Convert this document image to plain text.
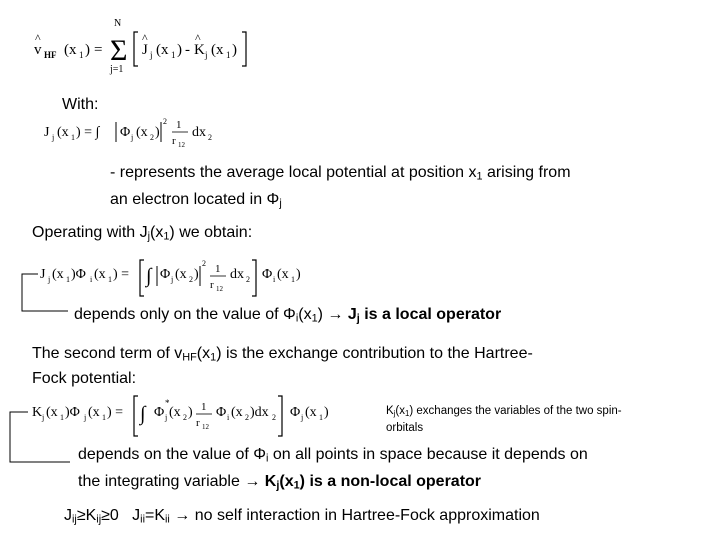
v
^
HF (x 1 ) =
N
Σ
j=1
J
^
j (x 1 ) - K
^
j (x 1 )
With:
J j (x 1 ) = ∫ Φ j (x 2 )
2 1
r 12
dx 2
- represents the average local potential at position $x_1$ arising from
an electron located in $\Phi_j$
Operating with $J_j(x_1)$ we obtain:
J j (x 1 )Φ i (x 1 ) = ∫ Φ j (x 2 )
2 1
r 12
dx 2 Φ i (x 1 )
depends only on the value of $\Phi_i(x_1) \to J_j$ is a local operator
The second term of $v_{HF}(x_1)$ is the exchange contribution to the Hartree-
Fock potential:
K j (x 1 )Φ j (x 1 ) = ∫ Φ
*
j (x 2 ) 1
r 12
Φ i (x 2 )dx 2 Φ j (x 1 )	$K_j(x_1)$ exchanges the variables of the two spin-
orbitals
depends on the value of $\Phi_i$ on all points in space because it depends on
the integrating variable → $K_j(x_1)$ is a non-local operator
$J_{ij}\ge K_{ij}\ge 0$   $J_{ii}=K_{ii}$ → no self interaction in Hartree-Fock approximation
